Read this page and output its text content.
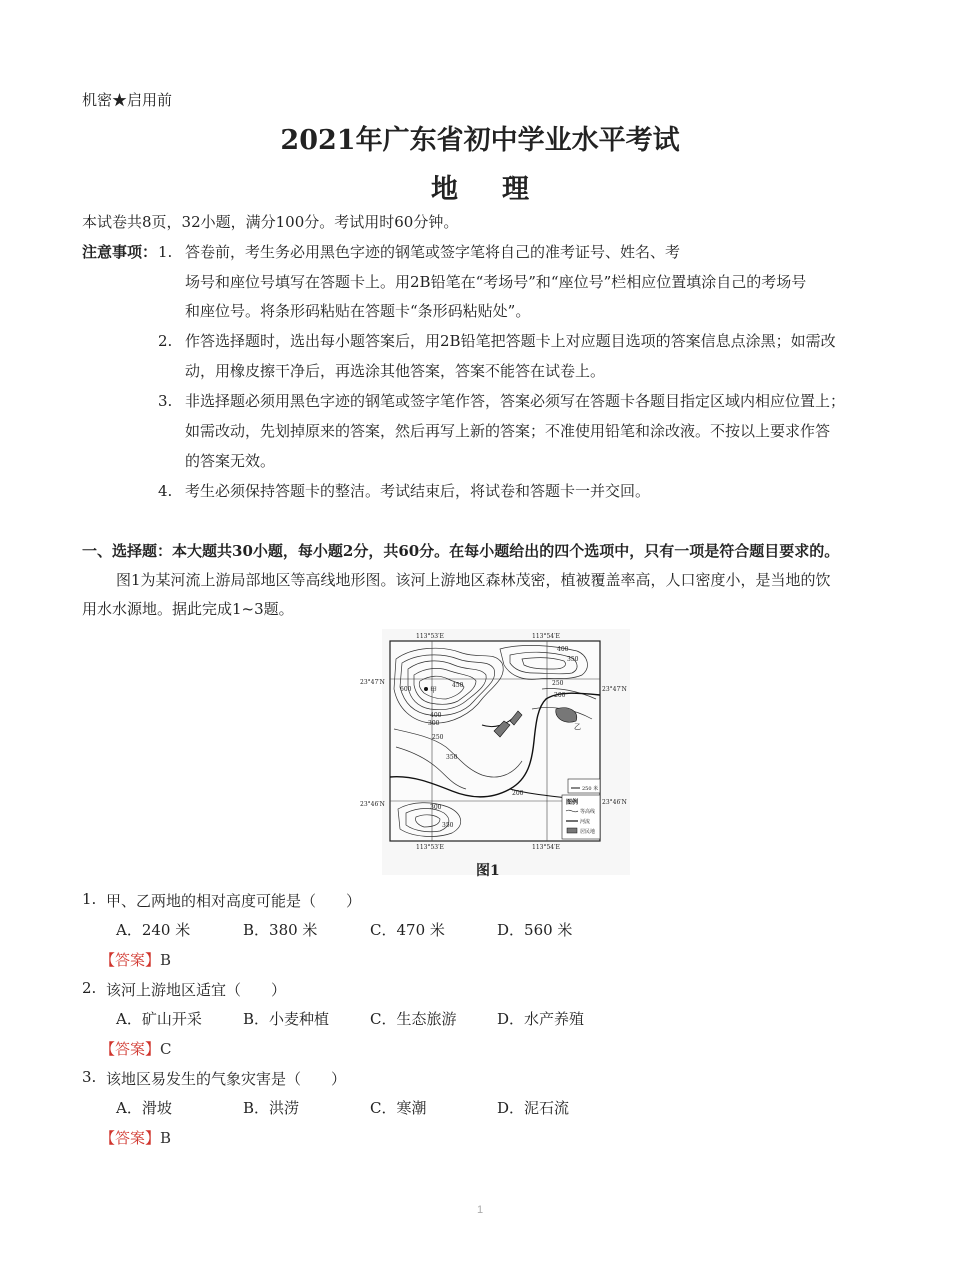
机密★启用前
2021年广东省初中学业水平考试
地理
本试卷共8页，32小题，满分100分。考试用时60分钟。
注意事项： 1. 答卷前，考生务必用黑色字迹的钢笔或签字笔将自己的准考证号、姓名、考
场号和座位号填写在答题卡上。用2B铅笔在“考场号”和“座位号”栏相应位置填涂自己的考场号
和座位号。将条形码粘贴在答题卡“条形码粘贴处”。
2. 作答选择题时，选出每小题答案后，用2B铅笔把答题卡上对应题目选项的答案信息点涂黑；如需改
动，用橡皮擦干净后，再选涂其他答案，答案不能答在试卷上。
3. 非选择题必须用黑色字迹的钢笔或签字笔作答，答案必须写在答题卡各题目指定区域内相应位置上；
如需改动，先划掉原来的答案，然后再写上新的答案；不准使用铅笔和涂改液。不按以上要求作答
的答案无效。
4. 考生必须保持答题卡的整洁。考试结束后，将试卷和答题卡一并交回。
一、选择题：本大题共30小题，每小题2分，共60分。在每小题给出的四个选项中，只有一项是符合题目要求的。
图1为某河流上游局部地区等高线地形图。该河上游地区森林茂密，植被覆盖率高，人口密度小，是当地的饮
用水水源地。据此完成1~3题。
113°53′E	113°54′E
23°47′N
23°46′N
23°47′N
23°46′N
113°53′E	113°54′E
甲
乙
400
350
250
200
450
600
300
250
350
400
350
300
200
250 米
图例
等高线
河流
居民地
图1
1. 甲、乙两地的相对高度可能是（　　）
A．240 米	B．380 米	C．470 米	D．560 米
【答案】B
2. 该河上游地区适宜（　　）
A．矿山开采	B．小麦种植	C．生态旅游	D．水产养殖
【答案】C
3. 该地区易发生的气象灾害是（　　）
A．滑坡	B．洪涝	C．寒潮	D．泥石流
【答案】B
1
